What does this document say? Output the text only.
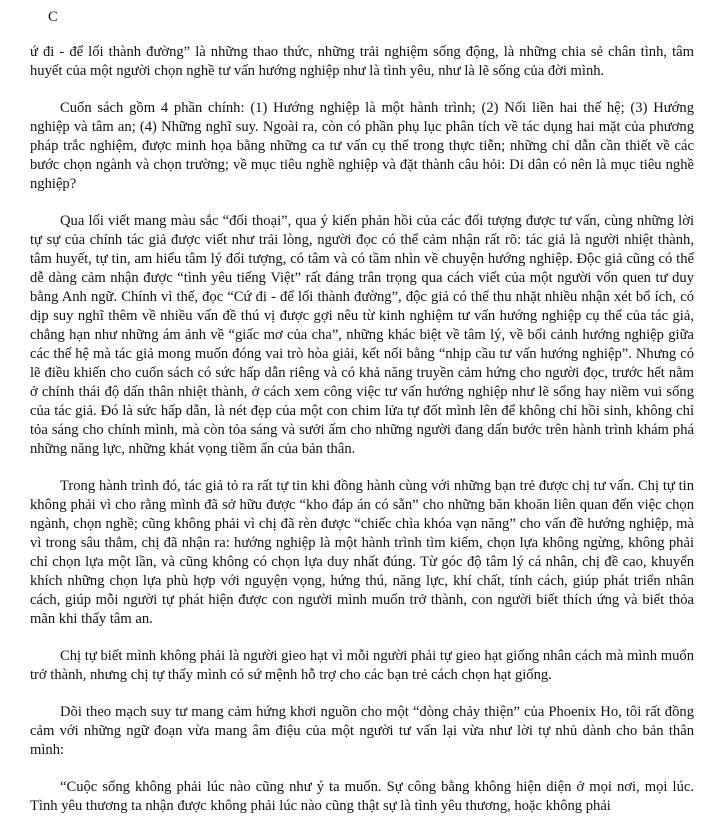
C

ứ đi - để lối thành đường” là những thao thức, những trải nghiệm sống động, là những chia sẻ chân tình, tâm huyết của một người chọn nghề tư vấn hướng nghiệp như là tình yêu, như là lẽ sống của đời mình.

Cuốn sách gồm 4 phần chính: (1) Hướng nghiệp là một hành trình; (2) Nối liền hai thế hệ; (3) Hướng nghiệp và tâm an; (4) Những nghĩ suy. Ngoài ra, còn có phần phụ lục phân tích về tác dụng hai mặt của phương pháp trắc nghiệm, được minh họa bằng những ca tư vấn cụ thể trong thực tiễn; những chỉ dẫn cần thiết về các bước chọn ngành và chọn trường; về mục tiêu nghề nghiệp và đặt thành câu hỏi: Di dân có nên là mục tiêu nghề nghiệp?

Qua lối viết mang màu sắc “đối thoại”, qua ý kiến phản hồi của các đối tượng được tư vấn, cùng những lời tự sự của chính tác giả được viết như trải lòng, người đọc có thể cảm nhận rất rõ: tác giả là người nhiệt thành, tâm huyết, tự tin, am hiểu tâm lý đối tượng, có tâm và có tầm nhìn về chuyện hướng nghiệp. Độc giả cũng có thể dễ dàng cảm nhận được “tình yêu tiếng Việt” rất đáng trân trọng qua cách viết của một người vốn quen tư duy bằng Anh ngữ. Chính vì thế, đọc “Cứ đi - để lối thành đường”, độc giả có thể thu nhặt nhiều nhận xét bổ ích, có dịp suy nghĩ thêm về nhiều vấn đề thú vị được gợi nêu từ kinh nghiệm tư vấn hướng nghiệp cụ thể của tác giả, chẳng hạn như những ám ảnh về “giấc mơ của cha”, những khác biệt về tâm lý, về bối cảnh hướng nghiệp giữa các thế hệ mà tác giả mong muốn đóng vai trò hòa giải, kết nối bằng “nhịp cầu tư vấn hướng nghiệp”. Nhưng có lẽ điều khiến cho cuốn sách có sức hấp dẫn riêng và có khả năng truyền cảm hứng cho người đọc, trước hết nằm ở chính thái độ dấn thân nhiệt thành, ở cách xem công việc tư vấn hướng nghiệp như lẽ sống hay niềm vui sống của tác giả. Đó là sức hấp dẫn, là nét đẹp của một con chim lửa tự đốt mình lên để không chỉ hồi sinh, không chỉ tỏa sáng cho chính mình, mà còn tỏa sáng và sưởi ấm cho những người đang dấn bước trên hành trình khám phá những năng lực, những khát vọng tiềm ẩn của bản thân.

Trong hành trình đó, tác giả tỏ ra rất tự tin khi đồng hành cùng với những bạn trẻ được chị tư vấn. Chị tự tin không phải vì cho rằng mình đã sở hữu được “kho đáp án có sẵn” cho những băn khoăn liên quan đến việc chọn ngành, chọn nghề; cũng không phải vì chị đã rèn được “chiếc chìa khóa vạn năng” cho vấn đề hướng nghiệp, mà vì trong sâu thẳm, chị đã nhận ra: hướng nghiệp là một hành trình tìm kiếm, chọn lựa không ngừng, không phải chỉ chọn lựa một lần, và cũng không có chọn lựa duy nhất đúng. Từ góc độ tâm lý cá nhân, chị đề cao, khuyến khích những chọn lựa phù hợp với nguyện vọng, hứng thú, năng lực, khí chất, tính cách, giúp phát triển nhân cách, giúp mỗi người tự phát hiện được con người mình muốn trở thành, con người biết thích ứng và biết thỏa mãn khi thấy tâm an.

Chị tự biết mình không phải là người gieo hạt vì mỗi người phải tự gieo hạt giống nhân cách mà mình muốn trở thành, nhưng chị tự thấy mình có sứ mệnh hỗ trợ cho các bạn trẻ cách chọn hạt giống.

Dõi theo mạch suy tư mang cảm hứng khơi nguồn cho một “dòng chảy thiện” của Phoenix Ho, tôi rất đồng cảm với những ngữ đoạn vừa mang âm điệu của một người tư vấn lại vừa như lời tự nhủ dành cho bản thân mình:

“Cuộc sống không phải lúc nào cũng như ý ta muốn. Sự công bằng không hiện diện ở mọi nơi, mọi lúc. Tình yêu thương ta nhận được không phải lúc nào cũng thật sự là tình yêu thương, hoặc không phải
